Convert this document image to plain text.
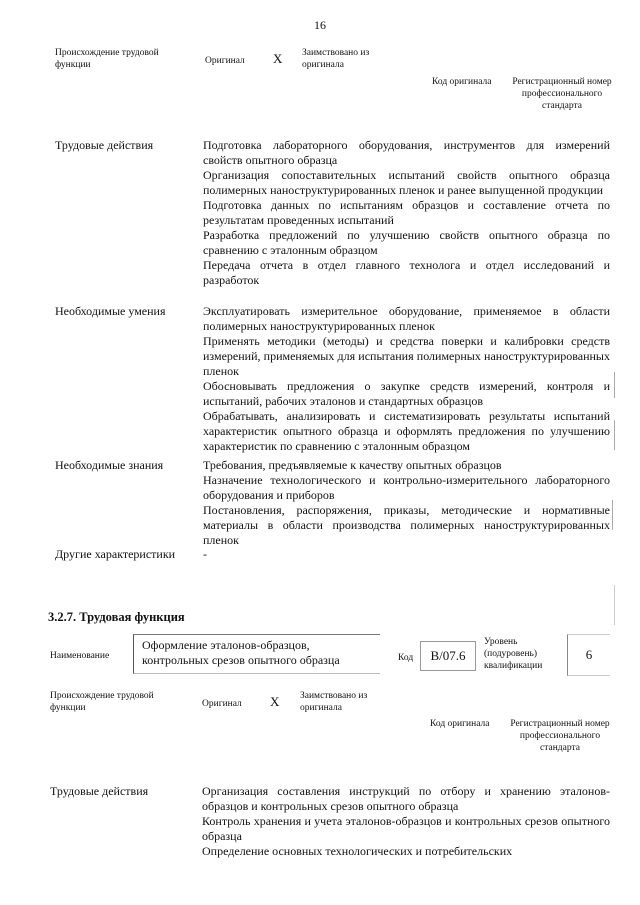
16
Происхождение трудовой функции	Оригинал X Заимствовано из оригинала
Код оригинала Регистрационный номер профессионального стандарта
Трудовые действия	Подготовка лабораторного оборудования, инструментов для измерений свойств опытного образца

Организация сопоставительных испытаний свойств опытного образца полимерных наноструктурированных пленок и ранее выпущенной продукции

Подготовка данных по испытаниям образцов и составление отчета по результатам проведенных испытаний

Разработка предложений по улучшению свойств опытного образца по сравнению с эталонным образцом

Передача отчета в отдел главного технолога и отдел исследований и разработок

Необходимые умения	Эксплуатировать измерительное оборудование, применяемое в области полимерных наноструктурированных пленок

Применять методики (методы) и средства поверки и калибровки средств измерений, применяемых для испытания полимерных наноструктурированных пленок

Обосновывать предложения о закупке средств измерений, контроля и испытаний, рабочих эталонов и стандартных образцов

Обрабатывать, анализировать и систематизировать результаты испытаний характеристик опытного образца и оформлять предложения по улучшению характеристик по сравнению с эталонным образцом

Необходимые знания	Требования, предъявляемые к качеству опытных образцов

Назначение технологического и контрольно-измерительного лабораторного оборудования и приборов

Постановления, распоряжения, приказы, методические и нормативные материалы в области производства полимерных наноструктурированных пленок

Другие характеристики -

3.2.7. Трудовая функция
Наименование
Оформление эталонов-образцов, контрольных срезов опытного образца	Код	В/07.6
Уровень (подуровень) квалификации
6
Происхождение трудовой функции	Оригинал X Заимствовано из оригинала
Код оригинала Регистрационный номер профессионального стандарта
Трудовые действия	Организация составления инструкций по отбору и хранению эталонов-образцов и контрольных срезов опытного образца

Контроль хранения и учета эталонов-образцов и контрольных срезов опытного образца

Определение основных технологических и потребительских
